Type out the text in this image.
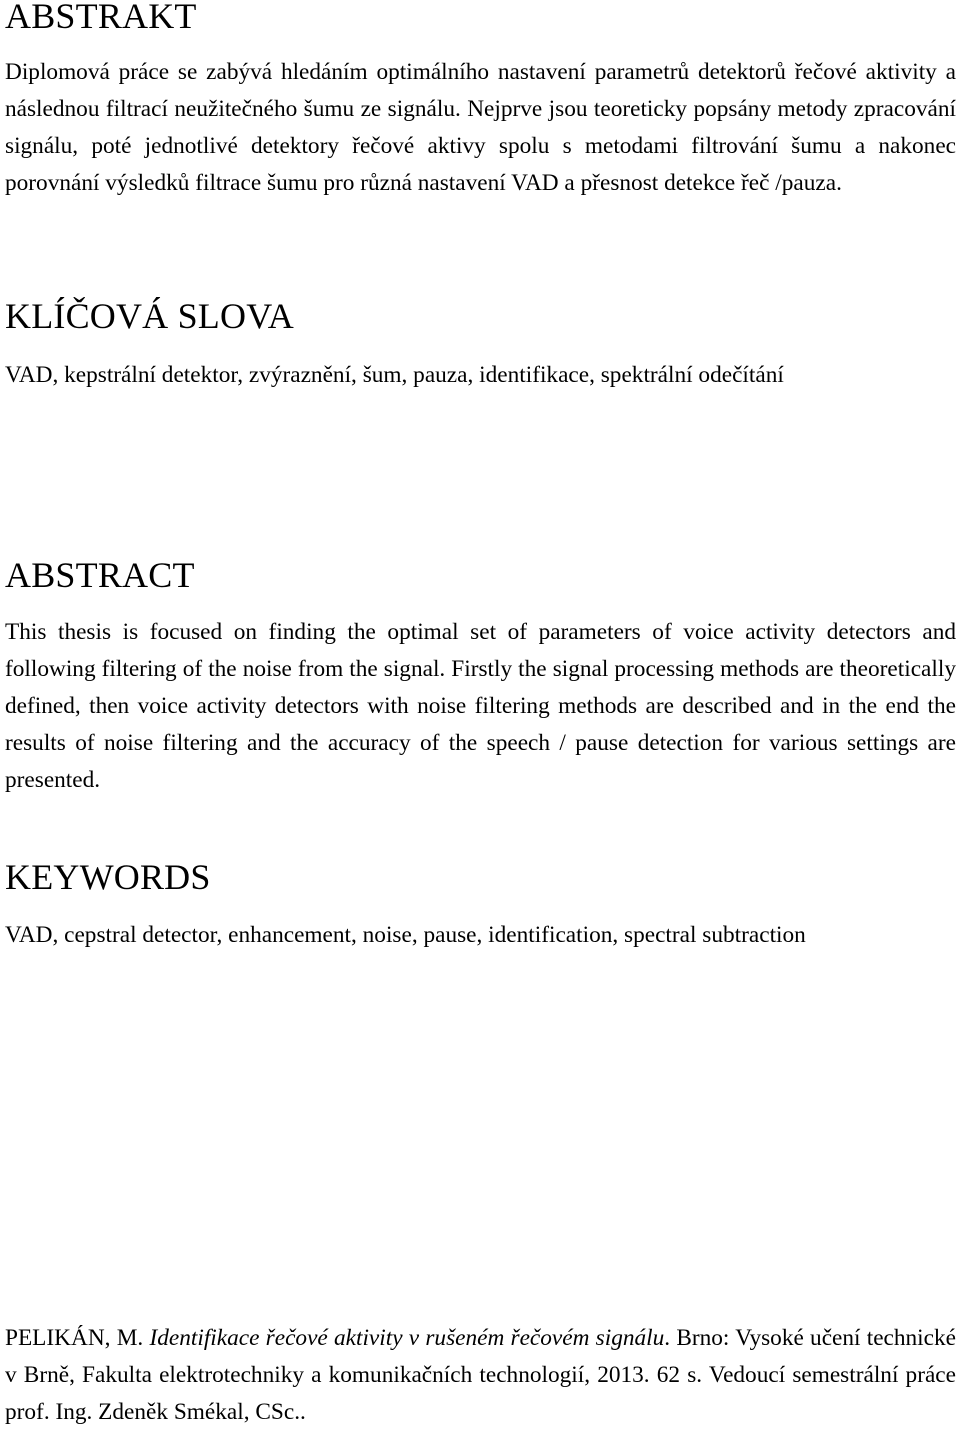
ABSTRAKT

Diplomová práce se zabývá hledáním optimálního nastavení parametrů detektorů řečové aktivity a následnou filtrací neužitečného šumu ze signálu. Nejprve jsou teoreticky popsány metody zpracování signálu, poté jednotlivé detektory řečové aktivy spolu s metodami filtrování šumu a nakonec porovnání výsledků filtrace šumu pro různá nastavení VAD a přesnost detekce řeč /pauza.

KLÍČOVÁ SLOVA

VAD, kepstrální detektor, zvýraznění, šum, pauza, identifikace, spektrální odečítání

ABSTRACT

This thesis is focused on finding the optimal set of parameters of voice activity detectors and following filtering of the noise from the signal. Firstly the signal processing methods are theoretically defined, then voice activity detectors with noise filtering methods are described and in the end the results of noise filtering and the accuracy of the speech / pause detection for various settings are presented.

KEYWORDS

VAD, cepstral detector, enhancement, noise, pause, identification, spectral subtraction

PELIKÁN, M. Identifikace řečové aktivity v rušeném řečovém signálu. Brno: Vysoké učení technické v Brně, Fakulta elektrotechniky a komunikačních technologií, 2013. 62 s. Vedoucí semestrální práce prof. Ing. Zdeněk Smékal, CSc..
